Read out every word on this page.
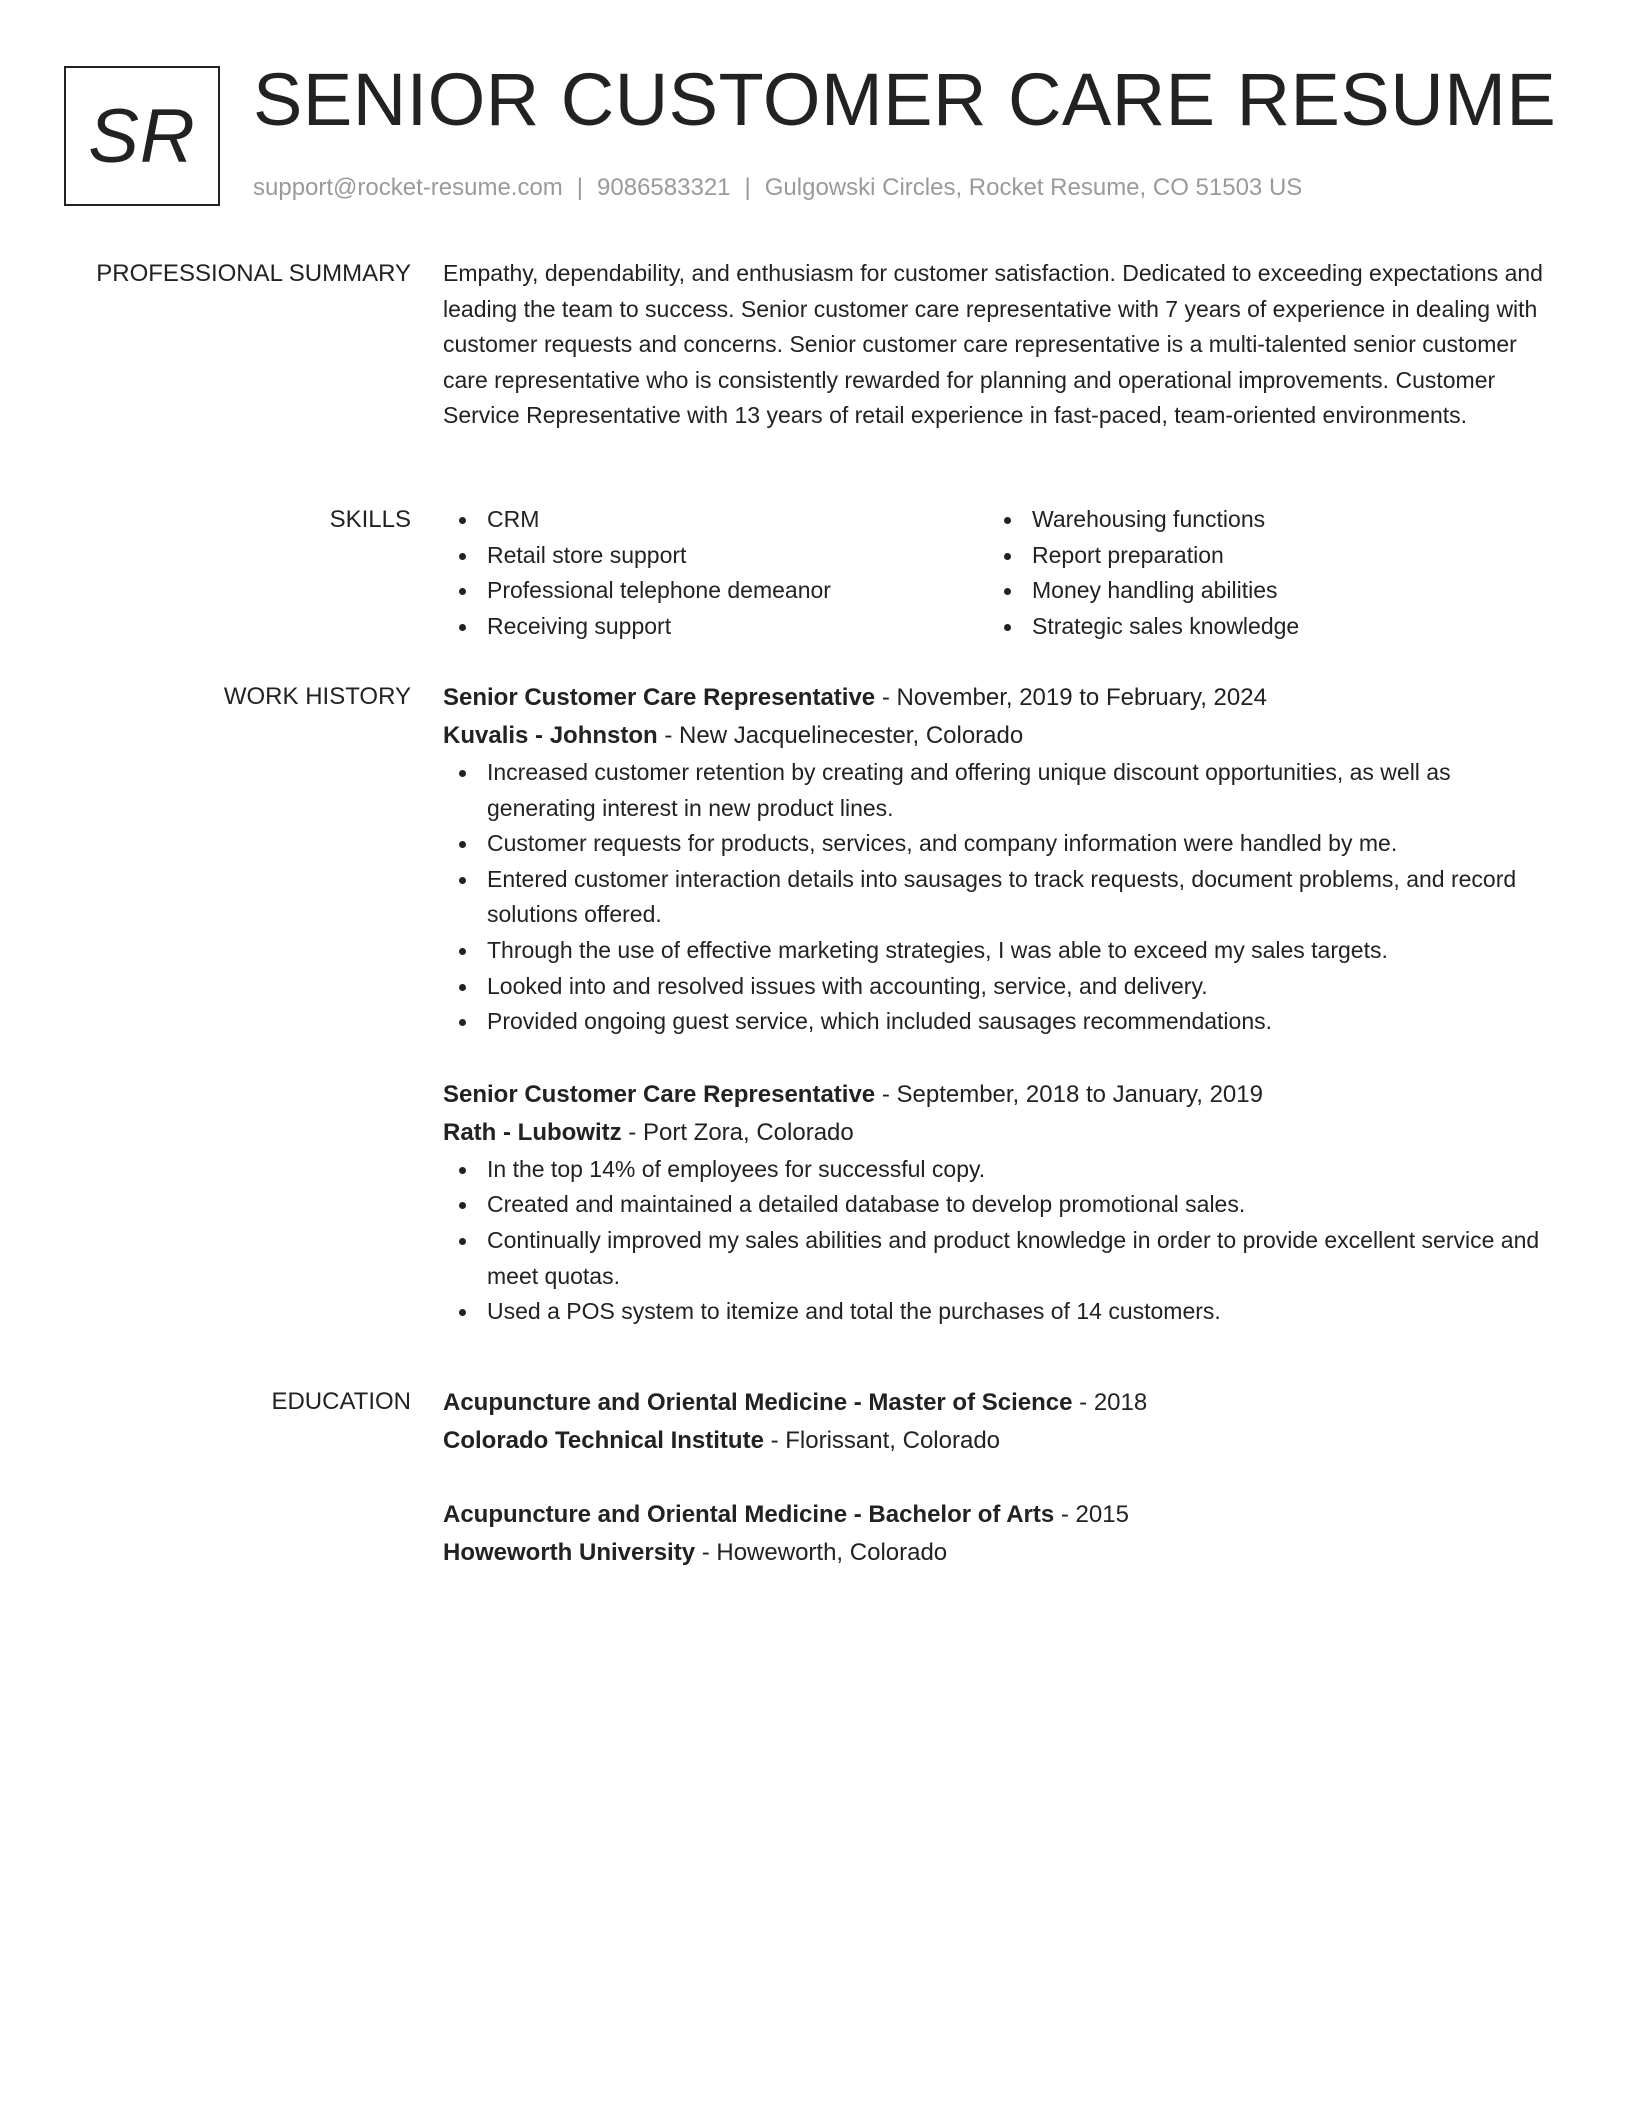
SR SENIOR CUSTOMER CARE RESUME
support@rocket-resume.com | 9086583321 | Gulgowski Circles, Rocket Resume, CO 51503 US
PROFESSIONAL SUMMARY Empathy, dependability, and enthusiasm for customer satisfaction. Dedicated to exceeding expectations and leading the team to success. Senior customer care representative with 7 years of experience in dealing with customer requests and concerns. Senior customer care representative is a multi-talented senior customer care representative who is consistently rewarded for planning and operational improvements. Customer Service Representative with 13 years of retail experience in fast-paced, team-oriented environments.

SKILLS	CRM
Retail store support
Professional telephone demeanor
Receiving support
Warehousing functions
Report preparation
Money handling abilities
Strategic sales knowledge
WORK HISTORY Senior Customer Care Representative - November, 2019 to February, 2024
Kuvalis - Johnston - New Jacquelinecester, Colorado
Increased customer retention by creating and offering unique discount opportunities, as well as generating interest in new product lines.
Customer requests for products, services, and company information were handled by me.
Entered customer interaction details into sausages to track requests, document problems, and record solutions offered.
Through the use of effective marketing strategies, I was able to exceed my sales targets.
Looked into and resolved issues with accounting, service, and delivery.
Provided ongoing guest service, which included sausages recommendations.
Senior Customer Care Representative - September, 2018 to January, 2019
Rath - Lubowitz - Port Zora, Colorado
In the top 14% of employees for successful copy.
Created and maintained a detailed database to develop promotional sales.
Continually improved my sales abilities and product knowledge in order to provide excellent service and meet quotas.
Used a POS system to itemize and total the purchases of 14 customers.
EDUCATION Acupuncture and Oriental Medicine - Master of Science - 2018
Colorado Technical Institute - Florissant, Colorado
Acupuncture and Oriental Medicine - Bachelor of Arts - 2015
Howeworth University - Howeworth, Colorado
